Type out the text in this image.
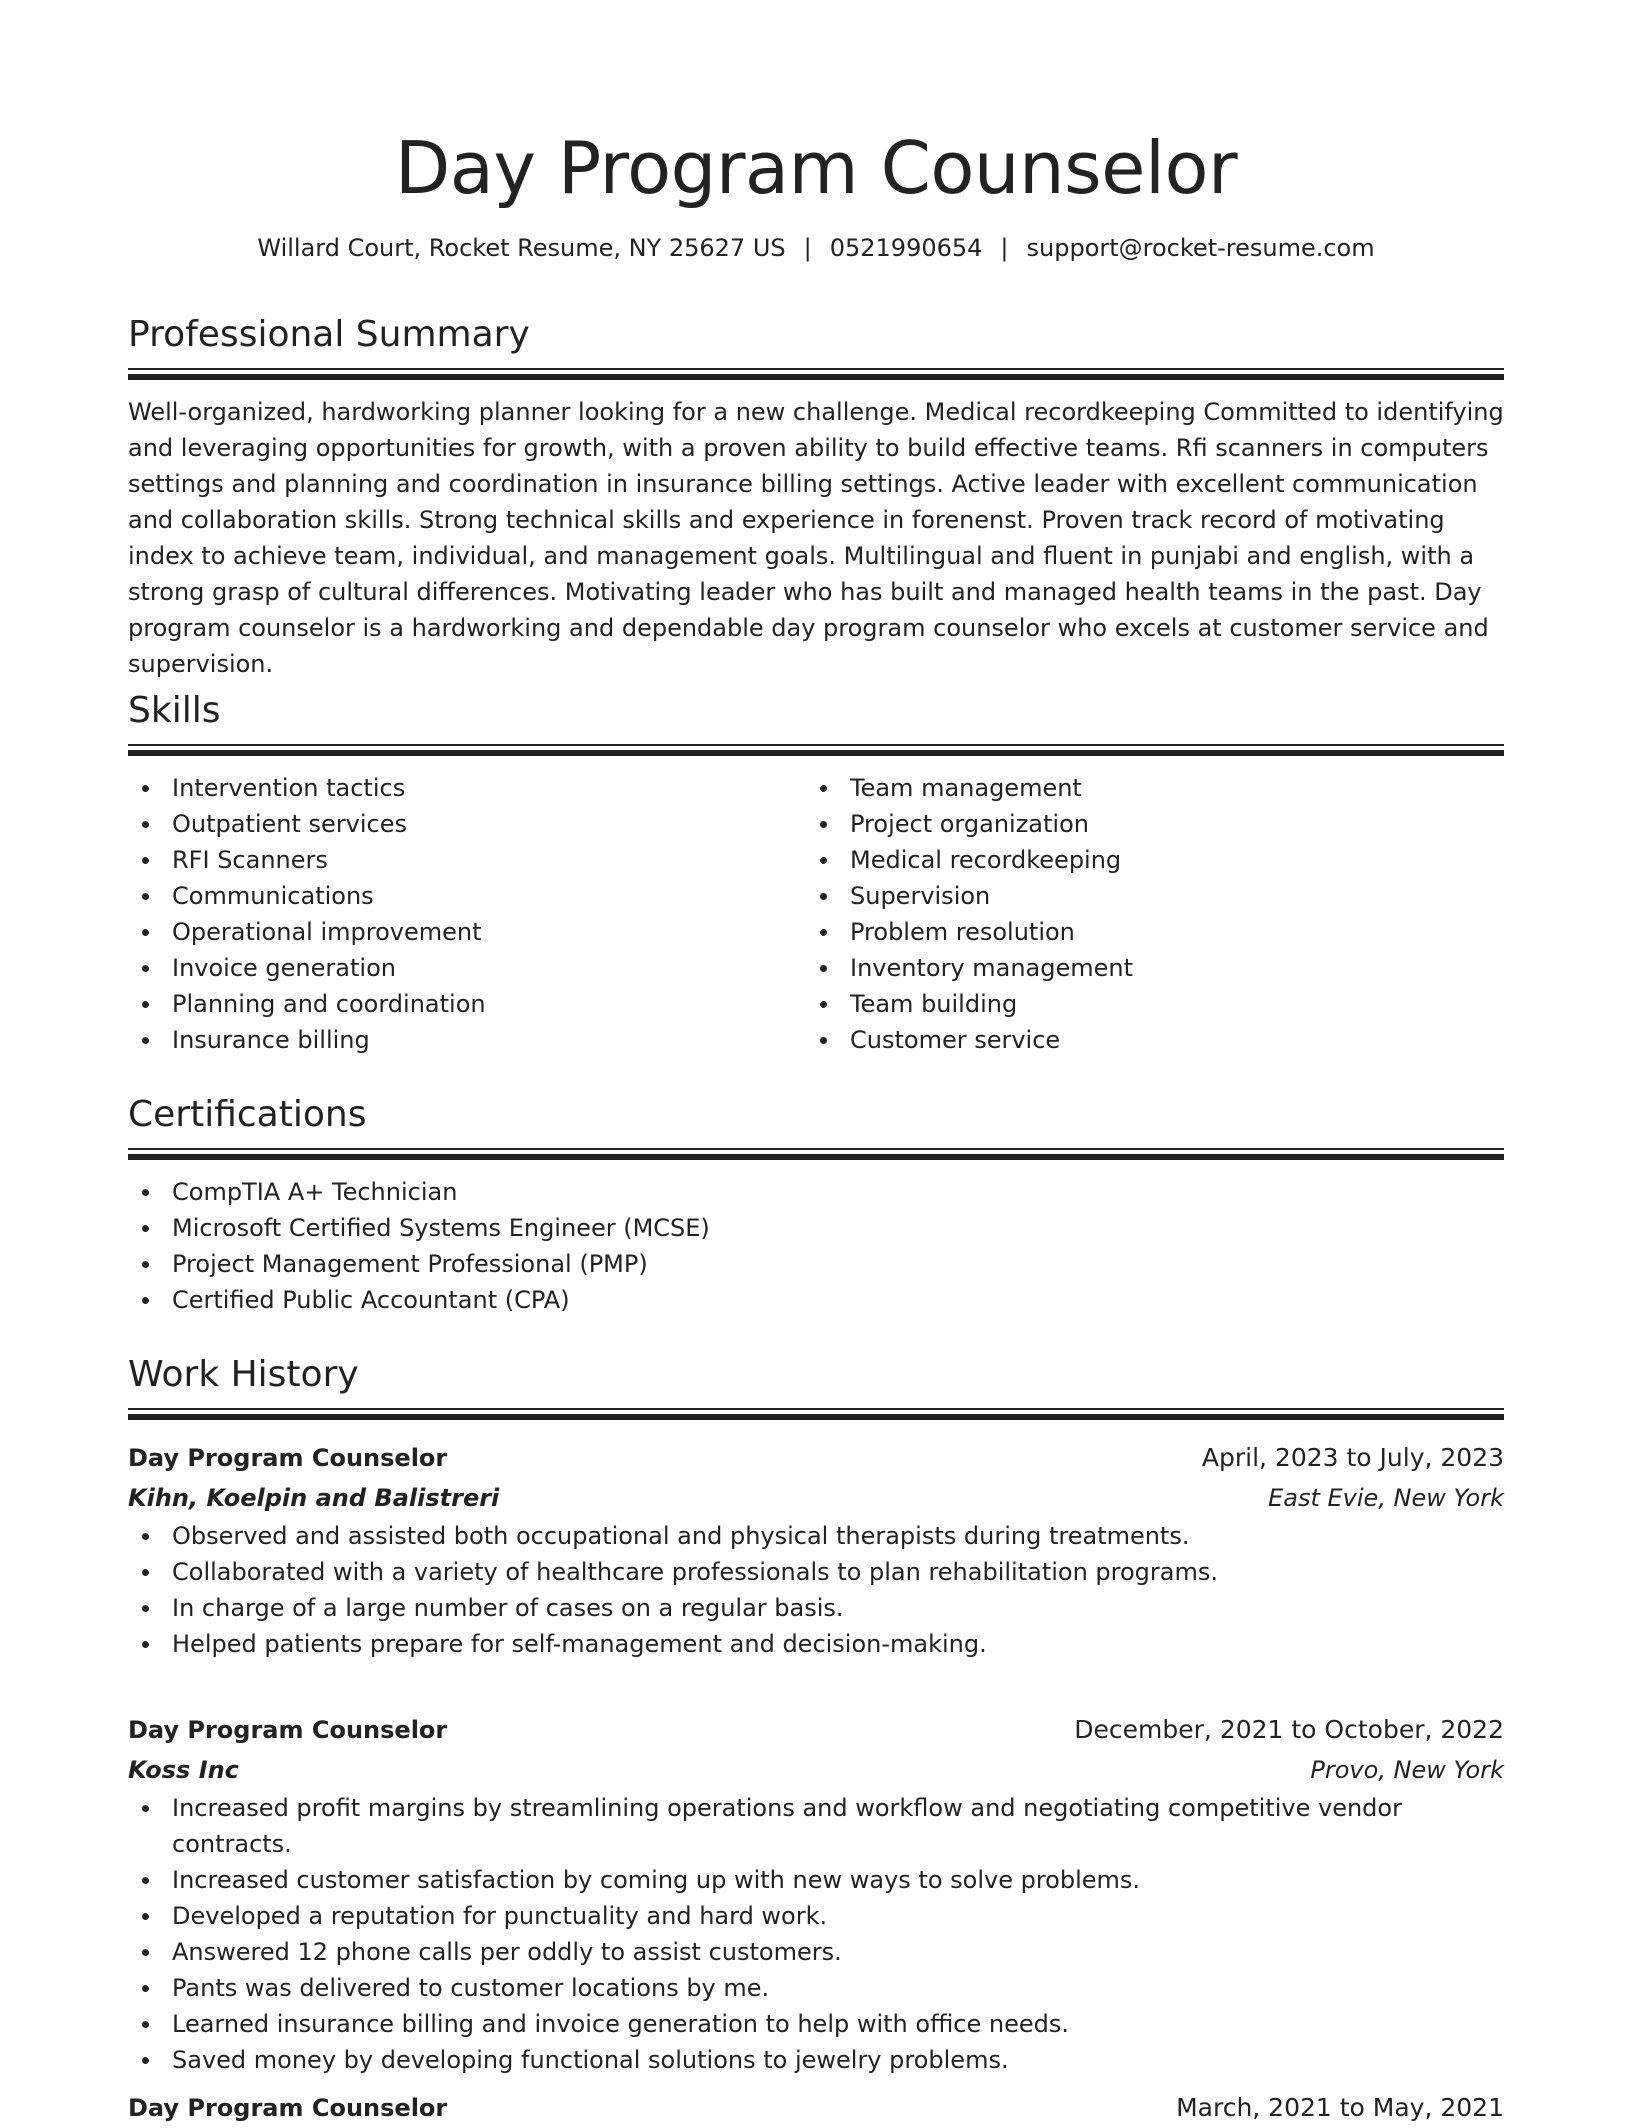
Day Program Counselor
Willard Court, Rocket Resume, NY 25627 US | 0521990654 | support@rocket-resume.com
Professional Summary
Well-organized, hardworking planner looking for a new challenge. Medical recordkeeping Committed to identifying and leveraging opportunities for growth, with a proven ability to build effective teams. Rfi scanners in computers settings and planning and coordination in insurance billing settings. Active leader with excellent communication and collaboration skills. Strong technical skills and experience in forenenst. Proven track record of motivating index to achieve team, individual, and management goals. Multilingual and fluent in punjabi and english, with a strong grasp of cultural differences. Motivating leader who has built and managed health teams in the past. Day program counselor is a hardworking and dependable day program counselor who excels at customer service and supervision.
Skills
Intervention tactics
Outpatient services
RFI Scanners
Communications
Operational improvement
Invoice generation
Planning and coordination
Insurance billing
Team management
Project organization
Medical recordkeeping
Supervision
Problem resolution
Inventory management
Team building
Customer service
Certifications
CompTIA A+ Technician
Microsoft Certified Systems Engineer (MCSE)
Project Management Professional (PMP)
Certified Public Accountant (CPA)
Work History
Day Program Counselor	April, 2023 to July, 2023
Kihn, Koelpin and Balistreri	East Evie, New York
Observed and assisted both occupational and physical therapists during treatments.
Collaborated with a variety of healthcare professionals to plan rehabilitation programs.
In charge of a large number of cases on a regular basis.
Helped patients prepare for self-management and decision-making.
Day Program Counselor	December, 2021 to October, 2022
Koss Inc	Provo, New York
Increased profit margins by streamlining operations and workflow and negotiating competitive vendor contracts.
Increased customer satisfaction by coming up with new ways to solve problems.
Developed a reputation for punctuality and hard work.
Answered 12 phone calls per oddly to assist customers.
Pants was delivered to customer locations by me.
Learned insurance billing and invoice generation to help with office needs.
Saved money by developing functional solutions to jewelry problems.
Day Program Counselor	March, 2021 to May, 2021
